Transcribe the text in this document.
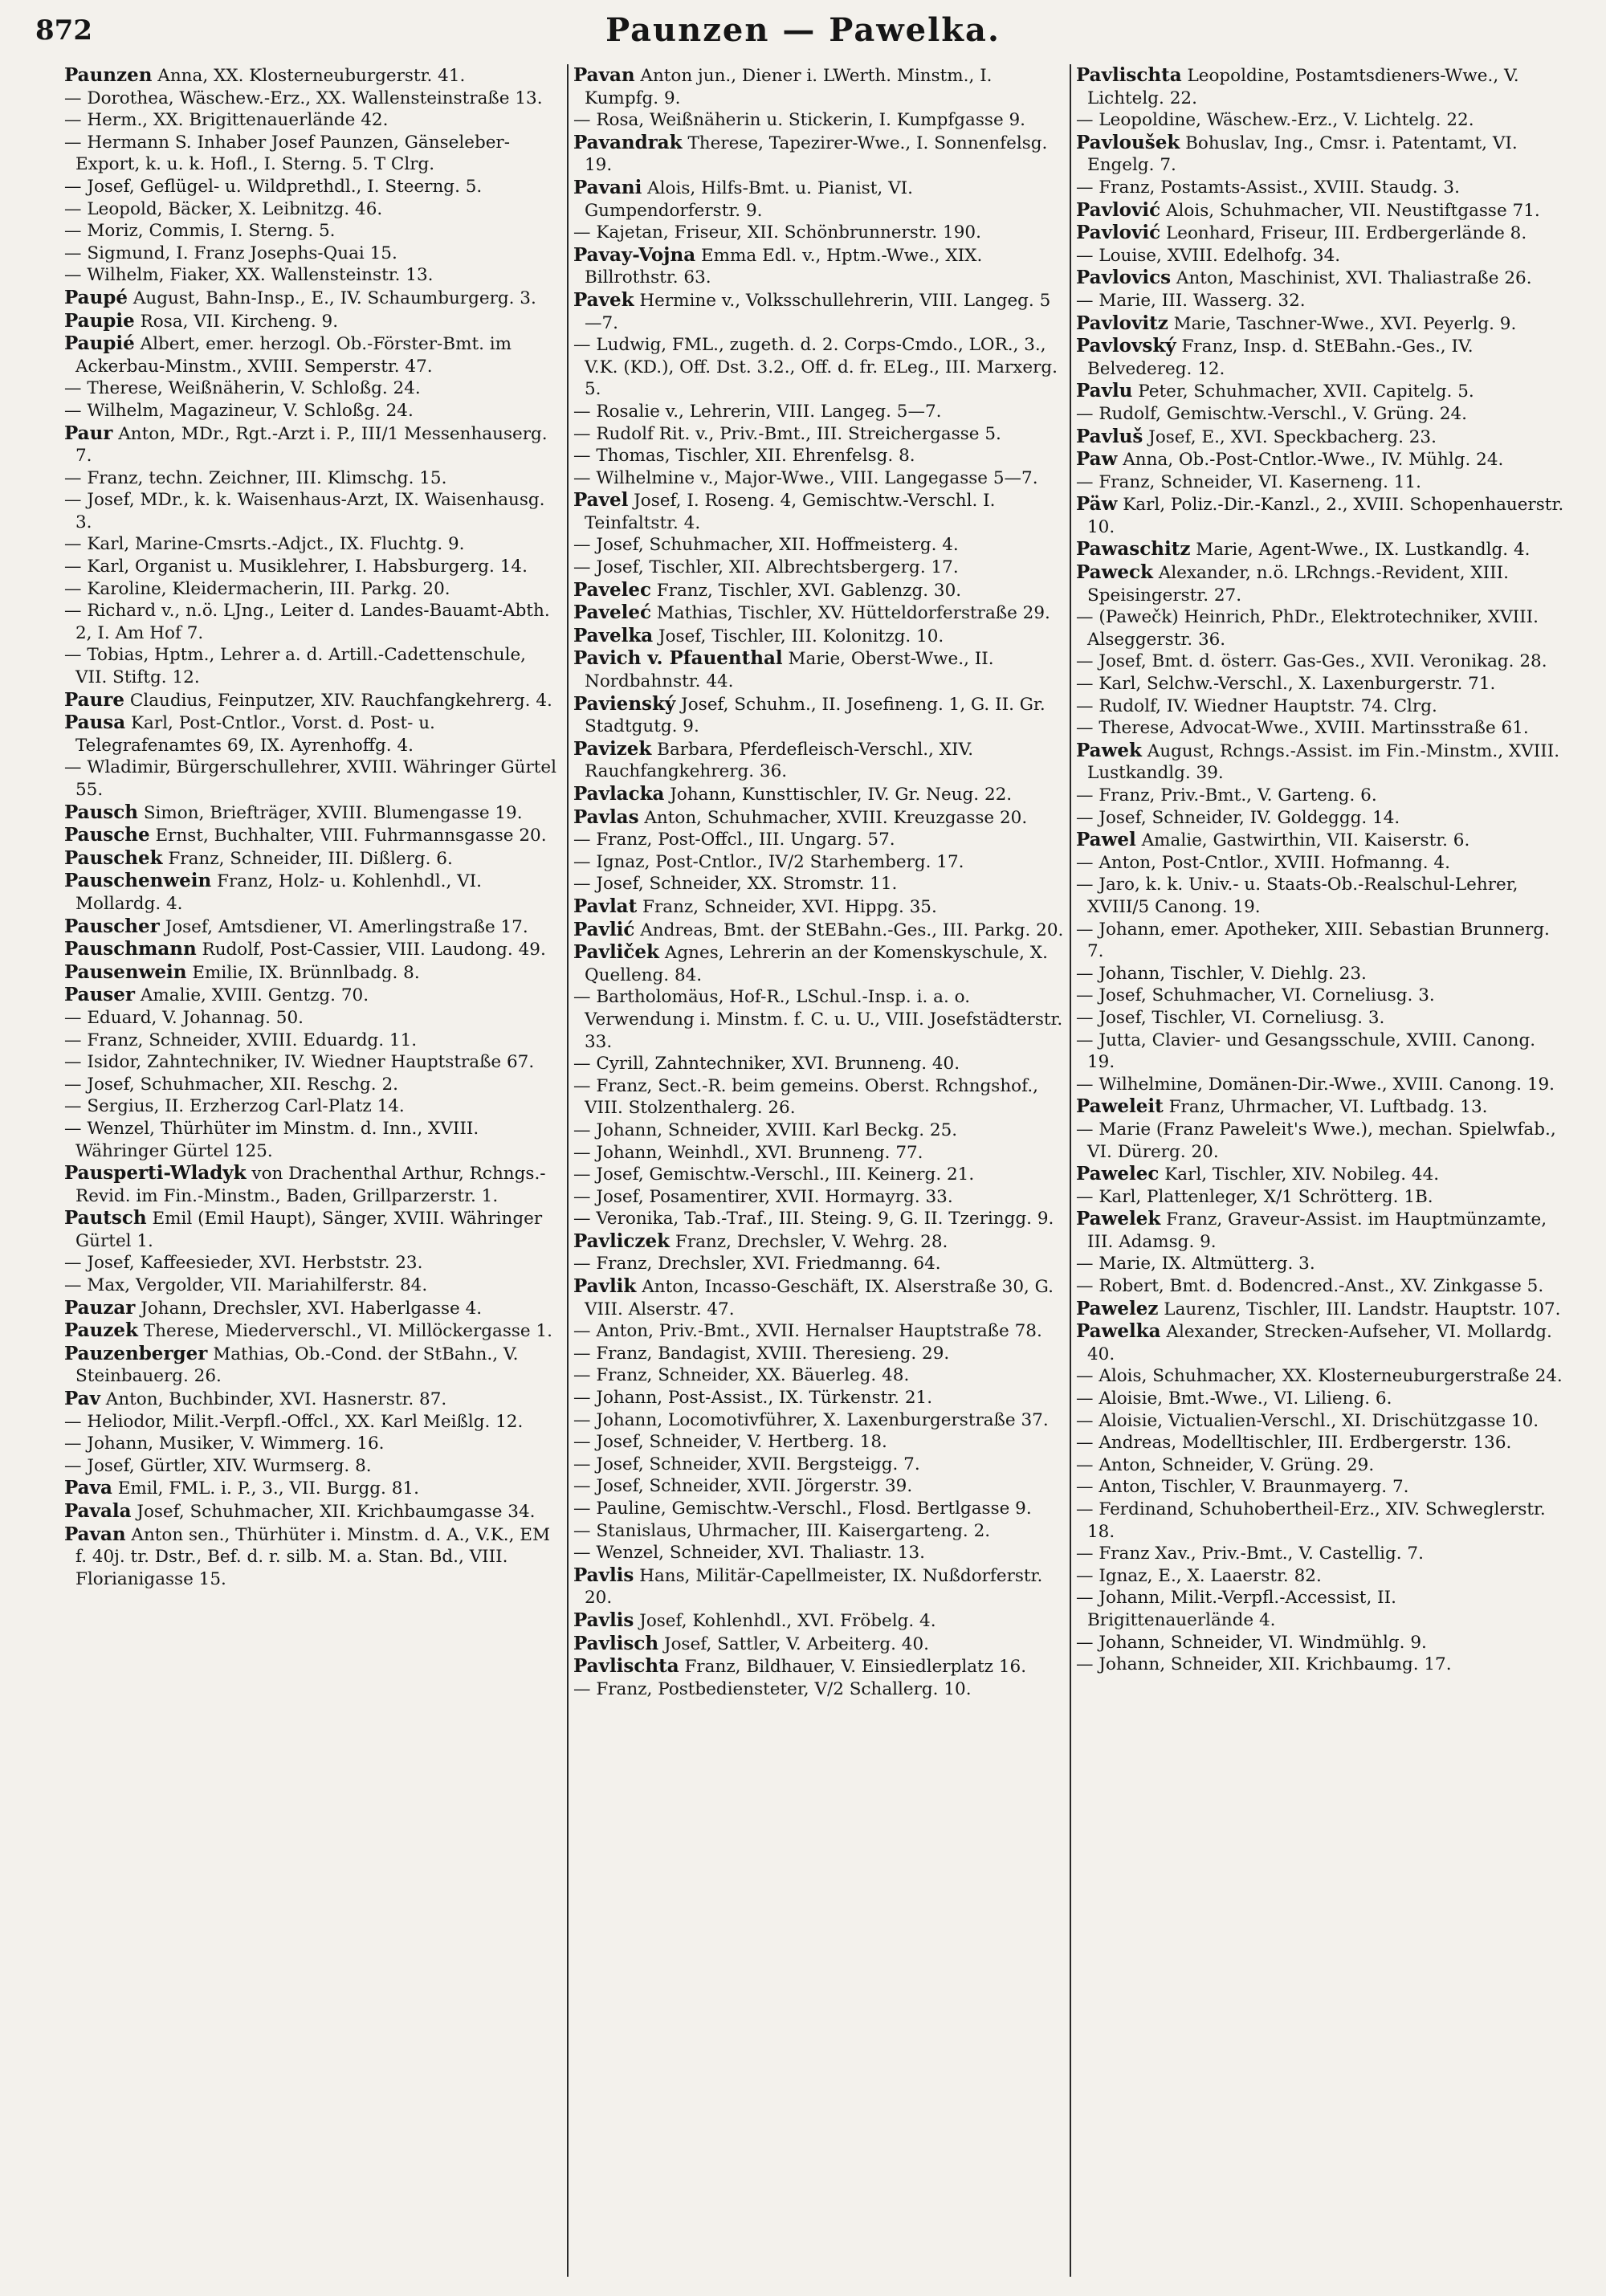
872	Paunzen — Pawelka.
Paunzen Anna, XX. Klosterneuburgerstr. 41.
— Dorothea, Wäschew.-Erz., XX. Wallensteinstraße 13.
— Herm., XX. Brigittenauerlände 42.
— Hermann S. Inhaber Josef Paunzen, Gänseleber-Export, k. u. k. Hofl., I. Sterng. 5. T Clrg.
— Josef, Geflügel- u. Wildprethdl., I. Steerng. 5.
— Leopold, Bäcker, X. Leibnitzg. 46.
— Moriz, Commis, I. Sterng. 5.
— Sigmund, I. Franz Josephs-Quai 15.
— Wilhelm, Fiaker, XX. Wallensteinstr. 13.
Paupé August, Bahn-Insp., E., IV. Schaumburgerg. 3.
Paupie Rosa, VII. Kircheng. 9.
Paupié Albert, emer. herzogl. Ob.-Förster-Bmt. im Ackerbau-Minstm., XVIII. Semperstr. 47.
— Therese, Weißnäherin, V. Schloßg. 24.
— Wilhelm, Magazineur, V. Schloßg. 24.
Paur Anton, MDr., Rgt.-Arzt i. P., III/1 Messenhauserg. 7.
— Franz, techn. Zeichner, III. Klimschg. 15.
— Josef, MDr., k. k. Waisenhaus-Arzt, IX. Waisenhausg. 3.
— Karl, Marine-Cmsrts.-Adjct., IX. Fluchtg. 9.
— Karl, Organist u. Musiklehrer, I. Habsburgerg. 14.
— Karoline, Kleidermacherin, III. Parkg. 20.
— Richard v., n.ö. LJng., Leiter d. Landes-Bauamt-Abth. 2, I. Am Hof 7.
— Tobias, Hptm., Lehrer a. d. Artill.-Cadettenschule, VII. Stiftg. 12.
Paure Claudius, Feinputzer, XIV. Rauchfangkehrerg. 4.
Pausa Karl, Post-Cntlor., Vorst. d. Post- u. Telegrafenamtes 69, IX. Ayrenhoffg. 4.
— Wladimir, Bürgerschullehrer, XVIII. Währinger Gürtel 55.
Pausch Simon, Briefträger, XVIII. Blumengasse 19.
Pausche Ernst, Buchhalter, VIII. Fuhrmannsgasse 20.
Pauschek Franz, Schneider, III. Dißlerg. 6.
Pauschenwein Franz, Holz- u. Kohlenhdl., VI. Mollardg. 4.
Pauscher Josef, Amtsdiener, VI. Amerlingstraße 17.
Pauschmann Rudolf, Post-Cassier, VIII. Laudong. 49.
Pausenwein Emilie, IX. Brünnlbadg. 8.
Pauser Amalie, XVIII. Gentzg. 70.
— Eduard, V. Johannag. 50.
— Franz, Schneider, XVIII. Eduardg. 11.
— Isidor, Zahntechniker, IV. Wiedner Hauptstraße 67.
— Josef, Schuhmacher, XII. Reschg. 2.
— Sergius, II. Erzherzog Carl-Platz 14.
— Wenzel, Thürhüter im Minstm. d. Inn., XVIII. Währinger Gürtel 125.
Pausperti-Wladyk von Drachenthal Arthur, Rchngs.-Revid. im Fin.-Minstm., Baden, Grillparzerstr. 1.
Pautsch Emil (Emil Haupt), Sänger, XVIII. Währinger Gürtel 1.
— Josef, Kaffeesieder, XVI. Herbststr. 23.
— Max, Vergolder, VII. Mariahilferstr. 84.
Pauzar Johann, Drechsler, XVI. Haberlgasse 4.
Pauzek Therese, Miederverschl., VI. Millöckergasse 1.
Pauzenberger Mathias, Ob.-Cond. der StBahn., V. Steinbauerg. 26.
Pav Anton, Buchbinder, XVI. Hasnerstr. 87.
— Heliodor, Milit.-Verpfl.-Offcl., XX. Karl Meißlg. 12.
— Johann, Musiker, V. Wimmerg. 16.
— Josef, Gürtler, XIV. Wurmserg. 8.
Pava Emil, FML. i. P., 3., VII. Burgg. 81.
Pavala Josef, Schuhmacher, XII. Krichbaumgasse 34.
Pavan Anton sen., Thürhüter i. Minstm. d. A., V.K., EM f. 40j. tr. Dstr., Bef. d. r. silb. M. a. Stan. Bd., VIII. Florianigasse 15.
Pavan Anton jun., Diener i. LWerth. Minstm., I. Kumpfg. 9.
— Rosa, Weißnäherin u. Stickerin, I. Kumpfgasse 9.
Pavandrak Therese, Tapezirer-Wwe., I. Sonnenfelsg. 19.
Pavani Alois, Hilfs-Bmt. u. Pianist, VI. Gumpendorferstr. 9.
— Kajetan, Friseur, XII. Schönbrunnerstr. 190.
Pavay-Vojna Emma Edl. v., Hptm.-Wwe., XIX. Billrothstr. 63.
Pavek Hermine v., Volksschullehrerin, VIII. Langeg. 5—7.
— Ludwig, FML., zugeth. d. 2. Corps-Cmdo., LOR., 3., V.K. (KD.), Off. Dst. 3.2., Off. d. fr. ELeg., III. Marxerg. 5.
— Rosalie v., Lehrerin, VIII. Langeg. 5—7.
— Rudolf Rit. v., Priv.-Bmt., III. Streichergasse 5.
— Thomas, Tischler, XII. Ehrenfelsg. 8.
— Wilhelmine v., Major-Wwe., VIII. Langegasse 5—7.
Pavel Josef, I. Roseng. 4, Gemischtw.-Verschl. I. Teinfaltstr. 4.
— Josef, Schuhmacher, XII. Hoffmeisterg. 4.
— Josef, Tischler, XII. Albrechtsbergerg. 17.
Pavelec Franz, Tischler, XVI. Gablenzg. 30.
Paveleć Mathias, Tischler, XV. Hütteldorferstraße 29.
Pavelka Josef, Tischler, III. Kolonitzg. 10.
Pavich v. Pfauenthal Marie, Oberst-Wwe., II. Nordbahnstr. 44.
Pavienský Josef, Schuhm., II. Josefineng. 1, G. II. Gr. Stadtgutg. 9.
Pavizek Barbara, Pferdefleisch-Verschl., XIV. Rauchfangkehrerg. 36.
Pavlacka Johann, Kunsttischler, IV. Gr. Neug. 22.
Pavlas Anton, Schuhmacher, XVIII. Kreuzgasse 20.
— Franz, Post-Offcl., III. Ungarg. 57.
— Ignaz, Post-Cntlor., IV/2 Starhemberg. 17.
— Josef, Schneider, XX. Stromstr. 11.
Pavlat Franz, Schneider, XVI. Hippg. 35.
Pavlić Andreas, Bmt. der StEBahn.-Ges., III. Parkg. 20.
Pavliček Agnes, Lehrerin an der Komenskyschule, X. Quelleng. 84.
— Bartholomäus, Hof-R., LSchul.-Insp. i. a. o. Verwendung i. Minstm. f. C. u. U., VIII. Josefstädterstr. 33.
— Cyrill, Zahntechniker, XVI. Brunneng. 40.
— Franz, Sect.-R. beim gemeins. Oberst. Rchngshof., VIII. Stolzenthalerg. 26.
— Johann, Schneider, XVIII. Karl Beckg. 25.
— Johann, Weinhdl., XVI. Brunneng. 77.
— Josef, Gemischtw.-Verschl., III. Keinerg. 21.
— Josef, Posamentirer, XVII. Hormayrg. 33.
— Veronika, Tab.-Traf., III. Steing. 9, G. II. Tzeringg. 9.
Pavliczek Franz, Drechsler, V. Wehrg. 28.
— Franz, Drechsler, XVI. Friedmanng. 64.
Pavlik Anton, Incasso-Geschäft, IX. Alserstraße 30, G. VIII. Alserstr. 47.
— Anton, Priv.-Bmt., XVII. Hernalser Hauptstraße 78.
— Franz, Bandagist, XVIII. Theresieng. 29.
— Franz, Schneider, XX. Bäuerleg. 48.
— Johann, Post-Assist., IX. Türkenstr. 21.
— Johann, Locomotivführer, X. Laxenburgerstraße 37.
— Josef, Schneider, V. Hertberg. 18.
— Josef, Schneider, XVII. Bergsteigg. 7.
— Josef, Schneider, XVII. Jörgerstr. 39.
— Pauline, Gemischtw.-Verschl., Flosd. Bertlgasse 9.
— Stanislaus, Uhrmacher, III. Kaisergarteng. 2.
— Wenzel, Schneider, XVI. Thaliastr. 13.
Pavlis Hans, Militär-Capellmeister, IX. Nußdorferstr. 20.
Pavlis Josef, Kohlenhdl., XVI. Fröbelg. 4.
Pavlisch Josef, Sattler, V. Arbeiterg. 40.
Pavlischta Franz, Bildhauer, V. Einsiedlerplatz 16.
— Franz, Postbediensteter, V/2 Schallerg. 10.
Pavlischta Leopoldine, Postamtsdieners-Wwe., V. Lichtelg. 22.
— Leopoldine, Wäschew.-Erz., V. Lichtelg. 22.
Pavloušek Bohuslav, Ing., Cmsr. i. Patentamt, VI. Engelg. 7.
— Franz, Postamts-Assist., XVIII. Staudg. 3.
Pavlović Alois, Schuhmacher, VII. Neustiftgasse 71.
Pavlović Leonhard, Friseur, III. Erdbergerlände 8.
— Louise, XVIII. Edelhofg. 34.
Pavlovics Anton, Maschinist, XVI. Thaliastraße 26.
— Marie, III. Wasserg. 32.
Pavlovitz Marie, Taschner-Wwe., XVI. Peyerlg. 9.
Pavlovský Franz, Insp. d. StEBahn.-Ges., IV. Belvedereg. 12.
Pavlu Peter, Schuhmacher, XVII. Capitelg. 5.
— Rudolf, Gemischtw.-Verschl., V. Grüng. 24.
Pavluš Josef, E., XVI. Speckbacherg. 23.
Paw Anna, Ob.-Post-Cntlor.-Wwe., IV. Mühlg. 24.
— Franz, Schneider, VI. Kaserneng. 11.
Päw Karl, Poliz.-Dir.-Kanzl., 2., XVIII. Schopenhauerstr. 10.
Pawaschitz Marie, Agent-Wwe., IX. Lustkandlg. 4.
Paweck Alexander, n.ö. LRchngs.-Revident, XIII. Speisingerstr. 27.
— (Pawečk) Heinrich, PhDr., Elektrotechniker, XVIII. Alseggerstr. 36.
— Josef, Bmt. d. österr. Gas-Ges., XVII. Veronikag. 28.
— Karl, Selchw.-Verschl., X. Laxenburgerstr. 71.
— Rudolf, IV. Wiedner Hauptstr. 74. Clrg.
— Therese, Advocat-Wwe., XVIII. Martinsstraße 61.
Pawek August, Rchngs.-Assist. im Fin.-Minstm., XVIII. Lustkandlg. 39.
— Franz, Priv.-Bmt., V. Garteng. 6.
— Josef, Schneider, IV. Goldeggg. 14.
Pawel Amalie, Gastwirthin, VII. Kaiserstr. 6.
— Anton, Post-Cntlor., XVIII. Hofmanng. 4.
— Jaro, k. k. Univ.- u. Staats-Ob.-Realschul-Lehrer, XVIII/5 Canong. 19.
— Johann, emer. Apotheker, XIII. Sebastian Brunnerg. 7.
— Johann, Tischler, V. Diehlg. 23.
— Josef, Schuhmacher, VI. Corneliusg. 3.
— Josef, Tischler, VI. Corneliusg. 3.
— Jutta, Clavier- und Gesangsschule, XVIII. Canong. 19.
— Wilhelmine, Domänen-Dir.-Wwe., XVIII. Canong. 19.
Paweleit Franz, Uhrmacher, VI. Luftbadg. 13.
— Marie (Franz Paweleit's Wwe.), mechan. Spielwfab., VI. Dürerg. 20.
Pawelec Karl, Tischler, XIV. Nobileg. 44.
— Karl, Plattenleger, X/1 Schrötterg. 1B.
Pawelek Franz, Graveur-Assist. im Hauptmünzamte, III. Adamsg. 9.
— Marie, IX. Altmütterg. 3.
— Robert, Bmt. d. Bodencred.-Anst., XV. Zinkgasse 5.
Pawelez Laurenz, Tischler, III. Landstr. Hauptstr. 107.
Pawelka Alexander, Strecken-Aufseher, VI. Mollardg. 40.
— Alois, Schuhmacher, XX. Klosterneuburgerstraße 24.
— Aloisie, Bmt.-Wwe., VI. Lilieng. 6.
— Aloisie, Victualien-Verschl., XI. Drischützgasse 10.
— Andreas, Modelltischler, III. Erdbergerstr. 136.
— Anton, Schneider, V. Grüng. 29.
— Anton, Tischler, V. Braunmayerg. 7.
— Ferdinand, Schuhobertheil-Erz., XIV. Schweglerstr. 18.
— Franz Xav., Priv.-Bmt., V. Castellig. 7.
— Ignaz, E., X. Laaerstr. 82.
— Johann, Milit.-Verpfl.-Accessist, II. Brigittenauerlände 4.
— Johann, Schneider, VI. Windmühlg. 9.
— Johann, Schneider, XII. Krichbaumg. 17.
